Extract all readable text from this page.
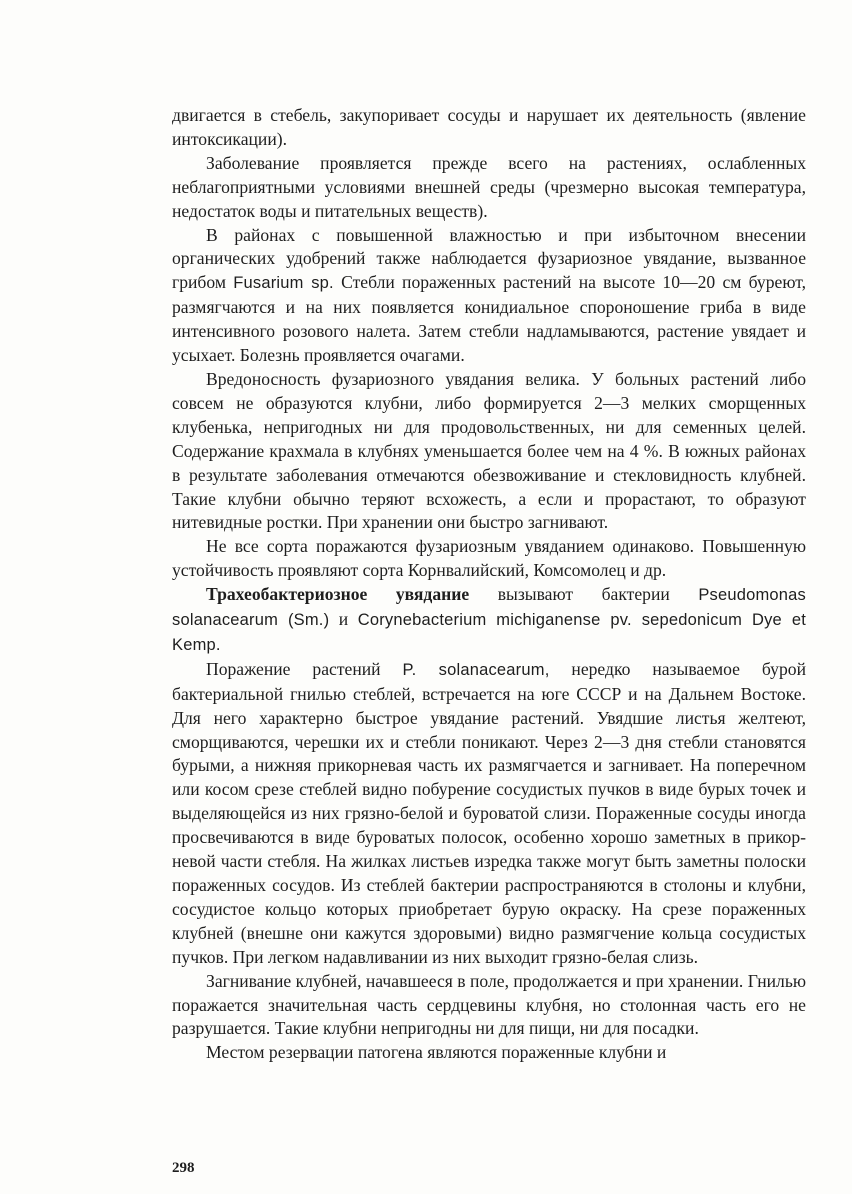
двигается в стебель, закупоривает сосуды и нарушает их деятельность (явление интоксикации).

Заболевание проявляется прежде всего на растениях, ослабленных неблагоприятными условиями внешней среды (чрезмерно высокая температура, недостаток воды и питательных веществ).

В районах с повышенной влажностью и при избыточном внесении органических удобрений также наблюдается фузариозное увядание, вызванное грибом Fusarium sp. Стебли пораженных растений на высоте 10—20 см буреют, размягчаются и на них появляется конидиальное спороношение гриба в виде интенсивного розового налета. Затем стебли надламываются, растение увядает и усыхает. Болезнь проявляется очагами.

Вредоносность фузариозного увядания велика. У больных растений либо совсем не образуются клубни, либо формируется 2—3 мелких сморщенных клубенька, непригодных ни для продовольственных, ни для семенных целей. Содержание крахмала в клубнях уменьшается более чем на 4 %. В южных районах в результате заболевания отмечаются обезвоживание и стекловидность клубней. Такие клубни обычно теряют всхожесть, а если и прорастают, то образуют нитевидные ростки. При хранении они быстро загнивают.

Не все сорта поражаются фузариозным увяданием одинаково. Повышенную устойчивость проявляют сорта Корнвалийский, Комсомолец и др.

Трахеобактериозное увядание вызывают бактерии Pseudomonas solanacearum (Sm.) и Corynebacterium michiganense pv. sepedonicum Dye et Kemp.

Поражение растений P. solanacearum, нередко называемое бурой бактериальной гнилью стеблей, встречается на юге СССР и на Дальнем Востоке. Для него характерно быстрое увядание растений. Увядшие листья желтеют, сморщиваются, черешки их и стебли поникают. Через 2—3 дня стебли становятся бурыми, а нижняя прикорневая часть их размягчается и загнивает. На поперечном или косом срезе стеблей видно побурение сосудистых пучков в виде бурых точек и выделяющейся из них грязно-белой и буроватой слизи. Пораженные сосуды иногда просвечиваются в виде буроватых полосок, особенно хорошо заметных в прикорневой части стебля. На жилках листьев изредка также могут быть заметны полоски пораженных сосудов. Из стеблей бактерии распространяются в столоны и клубни, сосудистое кольцо которых приобретает бурую окраску. На срезе пораженных клубней (внешне они кажутся здоровыми) видно размягчение кольца сосудистых пучков. При легком надавливании из них выходит грязно-белая слизь.

Загнивание клубней, начавшееся в поле, продолжается и при хранении. Гнилью поражается значительная часть сердцевины клубня, но столонная часть его не разрушается. Такие клубни непригодны ни для пищи, ни для посадки.

Местом резервации патогена являются пораженные клубни и

298
